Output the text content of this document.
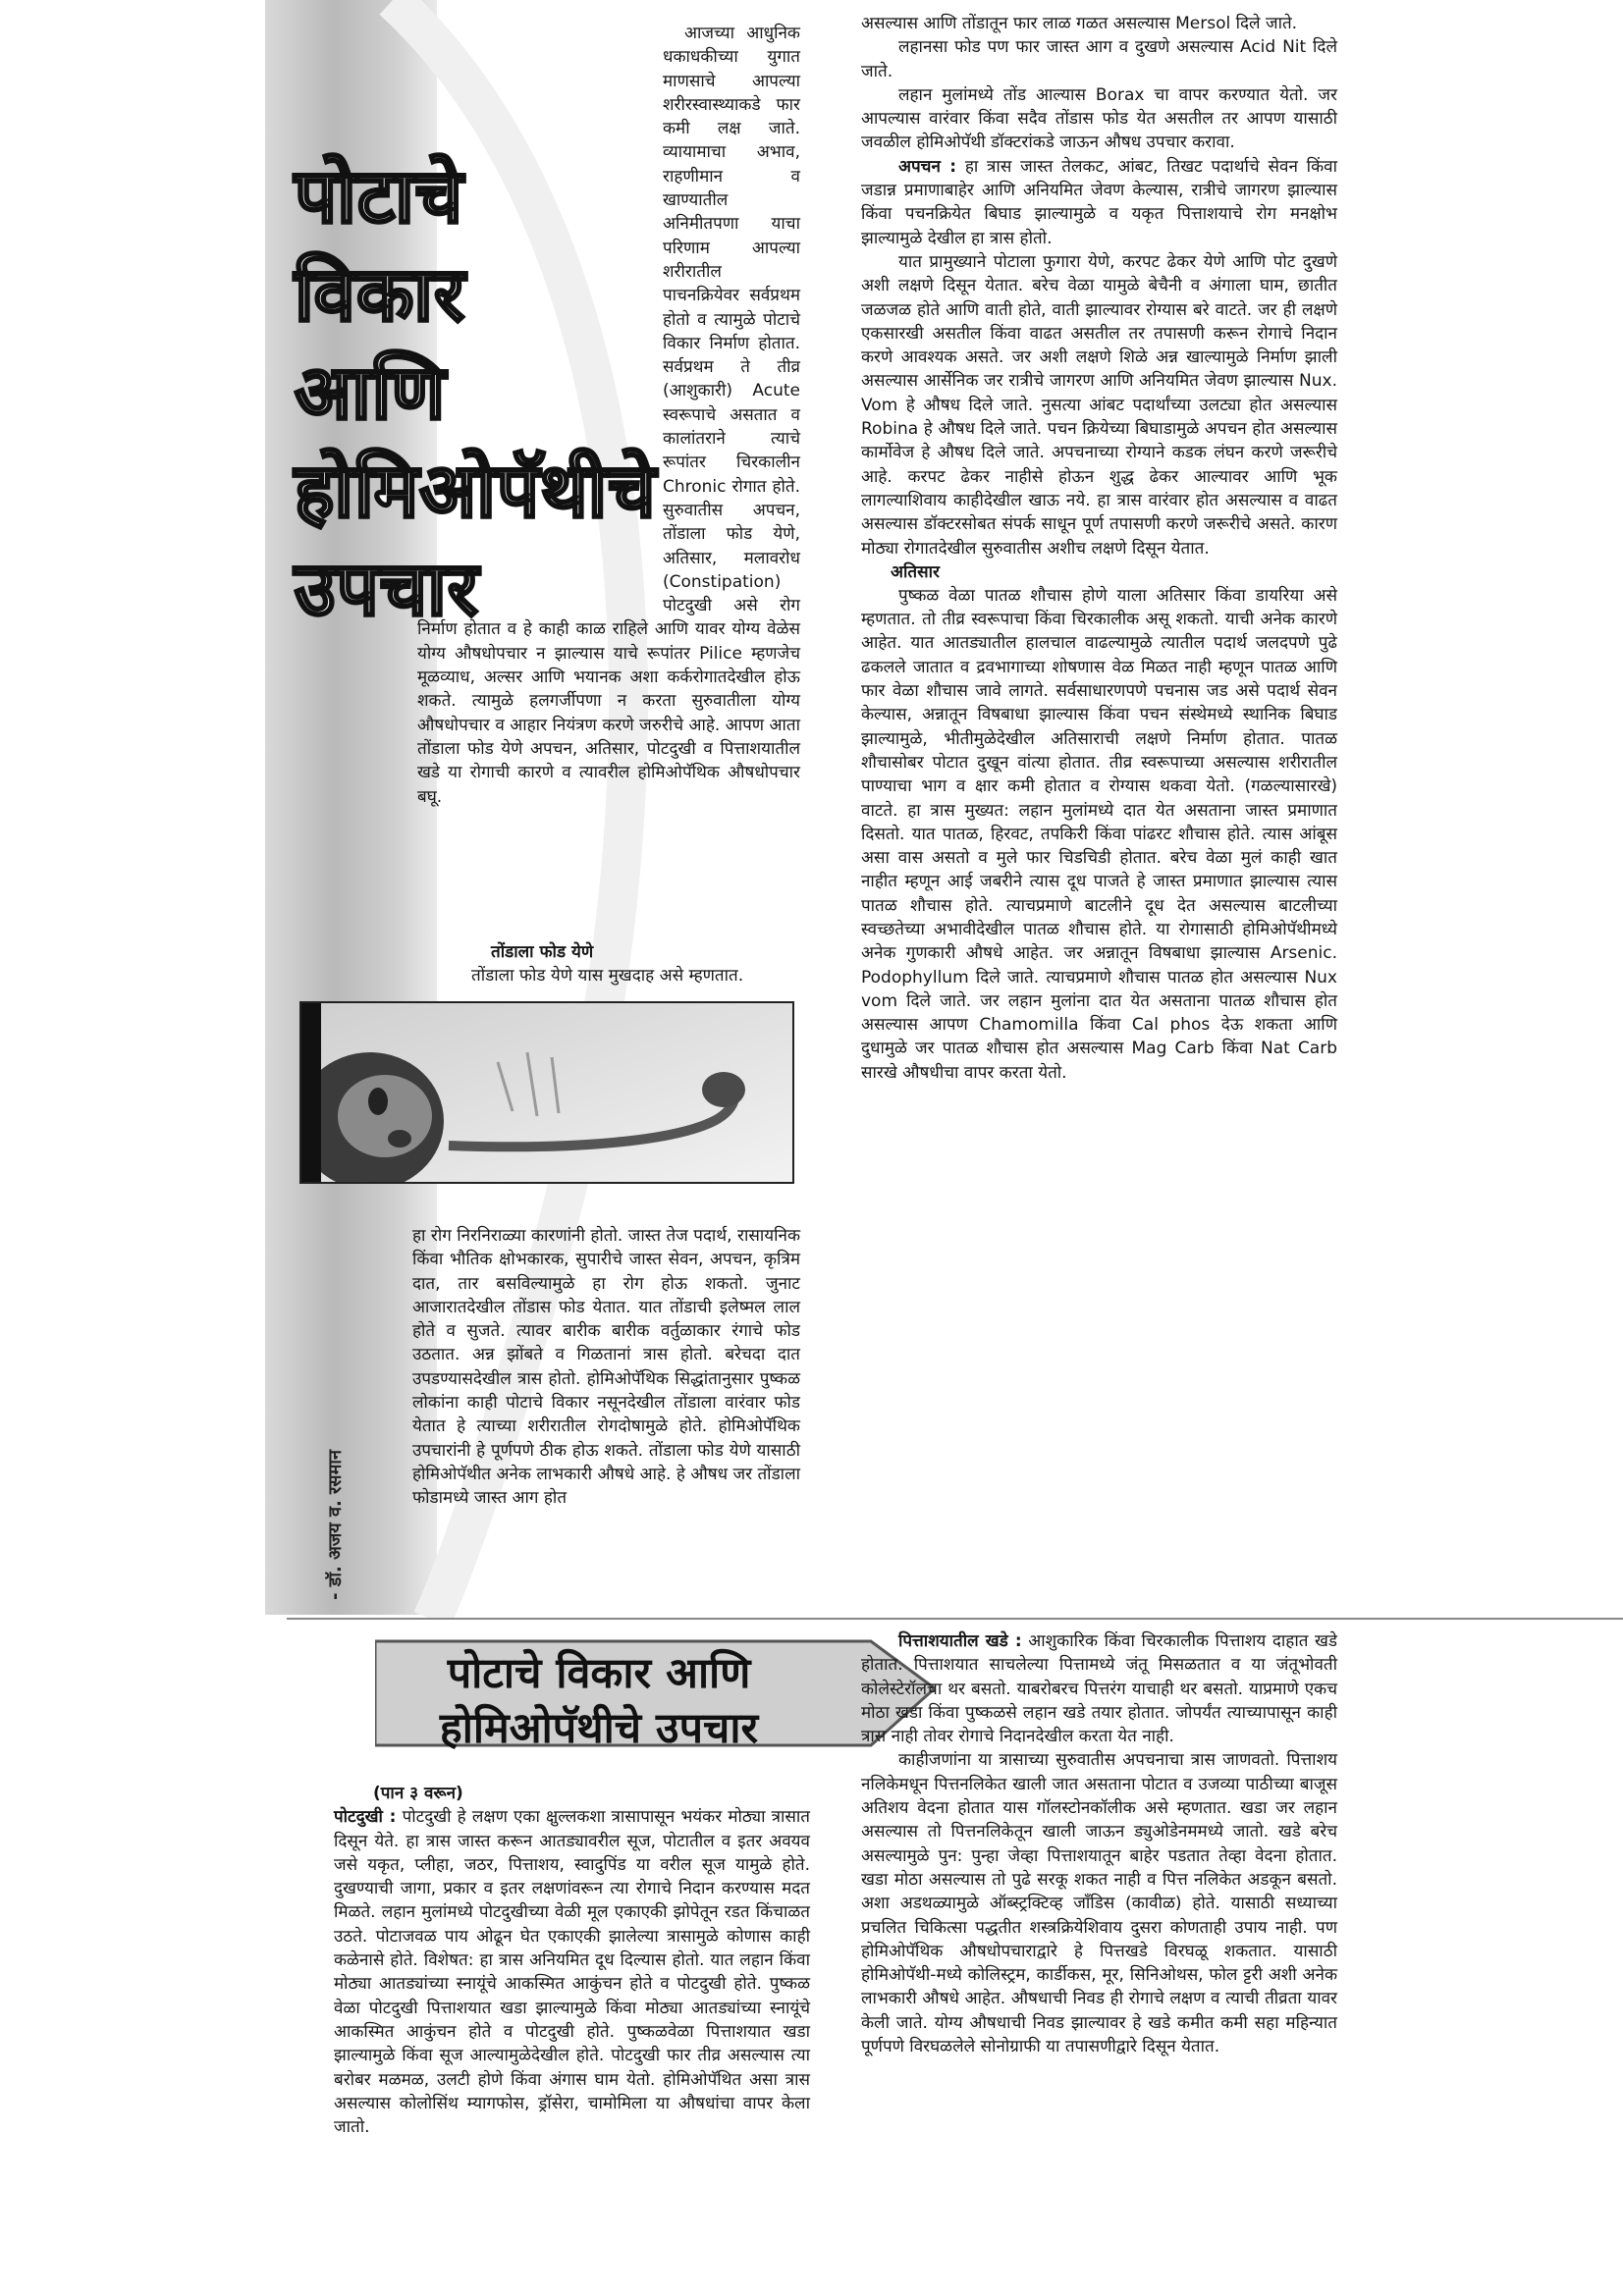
पोटाचे विकार
आणि
होमिओपॅथीचे
उपचार
- डॉ. अजय व. रसमान

आजच्या आधुनिक धकाधकीच्या युगात माणसाचे आपल्या शरीरस्वास्थ्याकडे फार कमी लक्ष जाते. व्यायामाचा अभाव, राहणीमान व खाण्यातील अनिमीतपणा याचा परिणाम आपल्या शरीरातील पाचनक्रियेवर सर्वप्रथम होतो व त्यामुळे पोटाचे विकार निर्माण होतात. सर्वप्रथम ते तीव्र (आशुकारी) Acute स्वरूपाचे असतात व कालांतराने त्याचे रूपांतर चिरकालीन Chronic रोगात होते. सुरुवातीस अपचन, तोंडाला फोड येणे, अतिसार, मलावरोध (Constipation) पोटदुखी असे रोग निर्माण होतात व हे काही काळ राहिले आणि यावर योग्य वेळेस योग्य औषधोपचार न झाल्यास याचे रूपांतर Pilice म्हणजेच मूळव्याध, अल्सर आणि भयानक अशा कर्करोगातदेखील होऊ शकते. त्यामुळे हलगर्जीपणा न करता सुरुवातीला योग्य औषधोपचार व आहार नियंत्रण करणे जरुरीचे आहे. आपण आता तोंडाला फोड येणे अपचन, अतिसार, पोटदुखी व पित्ताशयातील खडे या रोगाची कारणे व त्यावरील होमिओपॅथिक औषधोपचार बघू.

तोंडाला फोड येणे

तोंडाला फोड येणे यास मुखदाह असे म्हणतात.

हा रोग निरनिराळ्या कारणांनी होतो. जास्त तेज पदार्थ, रासायनिक किंवा भौतिक क्षोभकारक, सुपारीचे जास्त सेवन, अपचन, कृत्रिम दात, तार बसविल्यामुळे हा रोग होऊ शकतो. जुनाट आजारातदेखील तोंडास फोड येतात. यात तोंडाची इलेष्मल लाल होते व सुजते. त्यावर बारीक बारीक वर्तुळाकार रंगाचे फोड उठतात. अन्न झोंबते व गिळतानां त्रास होतो. बरेचदा दात उपडण्यासदेखील त्रास होतो. होमिओपॅथिक सिद्धांतानुसार पुष्कळ लोकांना काही पोटाचे विकार नसूनदेखील तोंडाला वारंवार फोड येतात हे त्याच्या शरीरातील रोगदोषामुळे होते. होमिओपॅथिक उपचारांनी हे पूर्णपणे ठीक होऊ शकते. तोंडाला फोड येणे यासाठी होमिओपॅथीत अनेक लाभकारी औषधे आहे. हे औषध जर तोंडाला फोडामध्ये जास्त आग होत

असल्यास आणि तोंडातून फार लाळ गळत असल्यास Mersol दिले जाते.

लहानसा फोड पण फार जास्त आग व दुखणे असल्यास Acid Nit दिले जाते.

लहान मुलांमध्ये तोंड आल्यास Borax चा वापर करण्यात येतो. जर आपल्यास वारंवार किंवा सदैव तोंडास फोड येत असतील तर आपण यासाठी जवळील होमिओपॅथी डॉक्टरांकडे जाऊन औषध उपचार करावा.

अपचन : हा त्रास जास्त तेलकट, आंबट, तिखट पदार्थाचे सेवन किंवा जडान्न प्रमाणाबाहेर आणि अनियमित जेवण केल्यास, रात्रीचे जागरण झाल्यास किंवा पचनक्रियेत बिघाड झाल्यामुळे व यकृत पित्ताशयाचे रोग मनक्षोभ झाल्यामुळे देखील हा त्रास होतो.

यात प्रामुख्याने पोटाला फुगारा येणे, करपट ढेकर येणे आणि पोट दुखणे अशी लक्षणे दिसून येतात. बरेच वेळा यामुळे बेचैनी व अंगाला घाम, छातीत जळजळ होते आणि वाती होते, वाती झाल्यावर रोग्यास बरे वाटते. जर ही लक्षणे एकसारखी असतील किंवा वाढत असतील तर तपासणी करून रोगाचे निदान करणे आवश्यक असते. जर अशी लक्षणे शिळे अन्न खाल्यामुळे निर्माण झाली असल्यास आर्सेनिक जर रात्रीचे जागरण आणि अनियमित जेवण झाल्यास Nux. Vom हे औषध दिले जाते. नुसत्या आंबट पदार्थांच्या उलट्या होत असल्यास Robina हे औषध दिले जाते. पचन क्रियेच्या बिघाडामुळे अपचन होत असल्यास कार्मोवेज हे औषध दिले जाते. अपचनाच्या रोग्याने कडक लंघन करणे जरूरीचे आहे. करपट ढेकर नाहीसे होऊन शुद्ध ढेकर आल्यावर आणि भूक लागल्याशिवाय काहीदेखील खाऊ नये. हा त्रास वारंवार होत असल्यास व वाढत असल्यास डॉक्टरसोबत संपर्क साधून पूर्ण तपासणी करणे जरूरीचे असते. कारण मोठ्या रोगातदेखील सुरुवातीस अशीच लक्षणे दिसून येतात.

अतिसार

पुष्कळ वेळा पातळ शौचास होणे याला अतिसार किंवा डायरिया असे म्हणतात. तो तीव्र स्वरूपाचा किंवा चिरकालीक असू शकतो. याची अनेक कारणे आहेत. यात आतड्यातील हालचाल वाढल्यामुळे त्यातील पदार्थ जलदपणे पुढे ढकलले जातात व द्रवभागाच्या शोषणास वेळ मिळत नाही म्हणून पातळ आणि फार वेळा शौचास जावे लागते. सर्वसाधारणपणे पचनास जड असे पदार्थ सेवन केल्यास, अन्नातून विषबाधा झाल्यास किंवा पचन संस्थेमध्ये स्थानिक बिघाड झाल्यामुळे, भीतीमुळेदेखील अतिसाराची लक्षणे निर्माण होतात. पातळ शौचासोबर पोटात दुखून वांत्या होतात. तीव्र स्वरूपाच्या असल्यास शरीरातील पाण्याचा भाग व क्षार कमी होतात व रोग्यास थकवा येतो. (गळल्यासारखे) वाटते. हा त्रास मुख्यत: लहान मुलांमध्ये दात येत असताना जास्त प्रमाणात दिसतो. यात पातळ, हिरवट, तपकिरी किंवा पांढरट शौचास होते. त्यास आंबूस असा वास असतो व मुले फार चिडचिडी होतात. बरेच वेळा मुलं काही खात नाहीत म्हणून आई जबरीने त्यास दूध पाजते हे जास्त प्रमाणात झाल्यास त्यास पातळ शौचास होते. त्याचप्रमाणे बाटलीने दूध देत असल्यास बाटलीच्या स्वच्छतेच्या अभावीदेखील पातळ शौचास होते. या रोगासाठी होमिओपॅथीमध्ये अनेक गुणकारी औषधे आहेत. जर अन्नातून विषबाधा झाल्यास Arsenic. Podophyllum दिले जाते. त्याचप्रमाणे शौचास पातळ होत असल्यास Nux vom दिले जाते. जर लहान मुलांना दात येत असताना पातळ शौचास होत असल्यास आपण Chamomilla किंवा Cal phos देऊ शकता आणि दुधामुळे जर पातळ शौचास होत असल्यास Mag Carb किंवा Nat Carb सारखे औषधीचा वापर करता येतो.

पोटाचे विकार आणि
होमिओपॅथीचे उपचार

(पान ३ वरून)

पोटदुखी : पोटदुखी हे लक्षण एका क्षुल्लकशा त्रासापासून भयंकर मोठ्या त्रासात दिसून येते. हा त्रास जास्त करून आतड्यावरील सूज, पोटातील व इतर अवयव जसे यकृत, प्लीहा, जठर, पित्ताशय, स्वादुपिंड या वरील सूज यामुळे होते. दुखण्याची जागा, प्रकार व इतर लक्षणांवरून त्या रोगाचे निदान करण्यास मदत मिळते. लहान मुलांमध्ये पोटदुखीच्या वेळी मूल एकाएकी झोपेतून रडत किंचाळत उठते. पोटाजवळ पाय ओढून घेत एकाएकी झालेल्या त्रासामुळे कोणास काही कळेनासे होते. विशेषत: हा त्रास अनियमित दूध दिल्यास होतो. यात लहान किंवा मोठ्या आतड्यांच्या स्नायूंचे आकस्मित आकुंचन होते व पोटदुखी होते. पुष्कळ वेळा पोटदुखी पित्ताशयात खडा झाल्यामुळे किंवा मोठ्या आतड्यांच्या स्नायूंचे आकस्मित आकुंचन होते व पोटदुखी होते. पुष्कळवेळा पित्ताशयात खडा झाल्यामुळे किंवा सूज आल्यामुळेदेखील होते. पोटदुखी फार तीव्र असल्यास त्या बरोबर मळमळ, उलटी होणे किंवा अंगास घाम येतो. होमिओपॅथित असा त्रास असल्यास कोलोसिंथ म्यागफोस, ड्रॉसेरा, चामोमिला या औषधांचा वापर केला जातो.

पित्ताशयातील खडे : आशुकारिक किंवा चिरकालीक पित्ताशय दाहात खडे होतात. पित्ताशयात साचलेल्या पित्तामध्ये जंतू मिसळतात व या जंतूभोवती कोलेस्टेरॉलचा थर बसतो. याबरोबरच पित्तरंग याचाही थर बसतो. याप्रमाणे एकच मोठा खडा किंवा पुष्कळसे लहान खडे तयार होतात. जोपर्यंत त्याच्यापासून काही त्रास नाही तोवर रोगाचे निदानदेखील करता येत नाही.

काहीजणांना या त्रासाच्या सुरुवातीस अपचनाचा त्रास जाणवतो. पित्ताशय नलिकेमधून पित्तनलिकेत खाली जात असताना पोटात व उजव्या पाठीच्या बाजूस अतिशय वेदना होतात यास गॉलस्टोनकॉलीक असे म्हणतात. खडा जर लहान असल्यास तो पित्तनलिकेतून खाली जाऊन ड्युओडेनममध्ये जातो. खडे बरेच असल्यामुळे पुन: पुन्हा जेव्हा पित्ताशयातून बाहेर पडतात तेव्हा वेदना होतात. खडा मोठा असल्यास तो पुढे सरकू शकत नाही व पित्त नलिकेत अडकून बसतो. अशा अडथळ्यामुळे ऑब्स्ट्रक्टिव्ह जॉंडिस (कावीळ) होते. यासाठी सध्याच्या प्रचलित चिकित्सा पद्धतीत शस्त्रक्रियेशिवाय दुसरा कोणताही उपाय नाही. पण होमिओपॅथिक औषधोपचाराद्वारे हे पित्तखडे विरघळू शकतात. यासाठी होमिओपॅथी-मध्ये कोलिस्ट्रम, कार्डीकस, मूर, सिनिओथस, फोल ट्टरी अशी अनेक लाभकारी औषधे आहेत. औषधाची निवड ही रोगाचे लक्षण व त्याची तीव्रता यावर केली जाते. योग्य औषधाची निवड झाल्यावर हे खडे कमीत कमी सहा महिन्यात पूर्णपणे विरघळलेले सोनोग्राफी या तपासणीद्वारे दिसून येतात.
